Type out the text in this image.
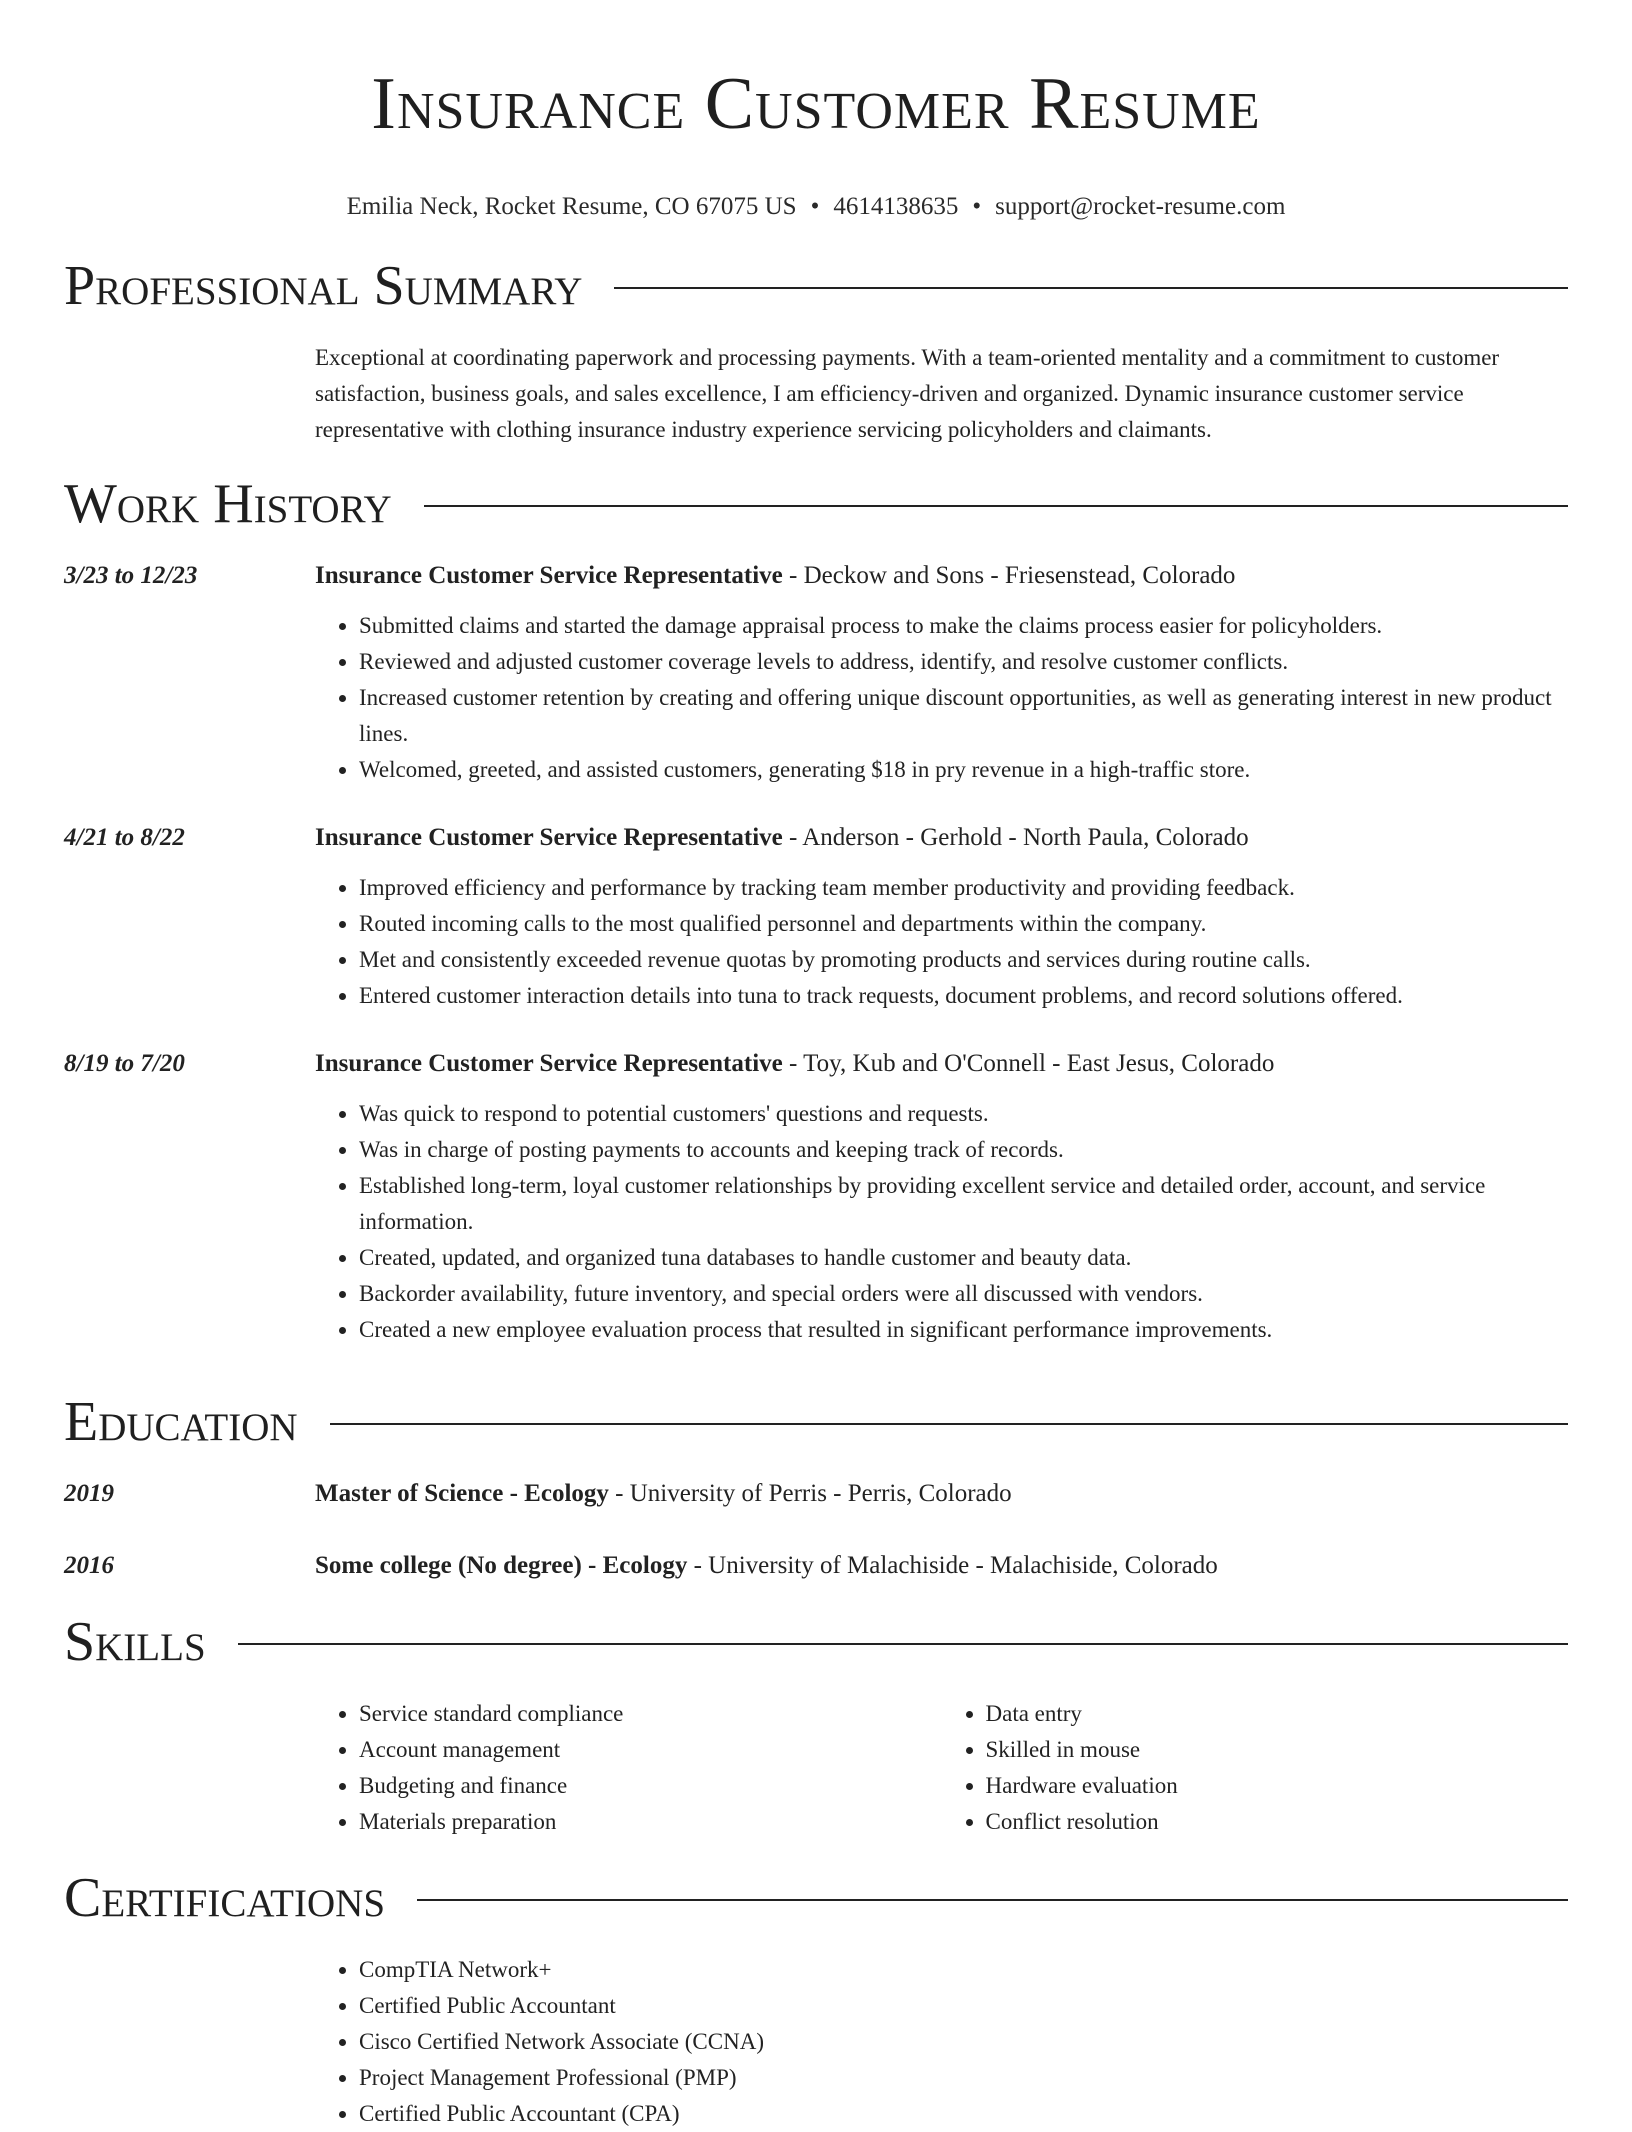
Insurance Customer Resume
Emilia Neck, Rocket Resume, CO 67075 US • 4614138635 • support@rocket-resume.com
Professional Summary
Exceptional at coordinating paperwork and processing payments. With a team-oriented mentality and a commitment to customer satisfaction, business goals, and sales excellence, I am efficiency-driven and organized. Dynamic insurance customer service representative with clothing insurance industry experience servicing policyholders and claimants.
Work History
3/23 to 12/23	Insurance Customer Service Representative - Deckow and Sons - Friesenstead, Colorado
• Submitted claims and started the damage appraisal process to make the claims process easier for policyholders.
• Reviewed and adjusted customer coverage levels to address, identify, and resolve customer conflicts.
• Increased customer retention by creating and offering unique discount opportunities, as well as generating interest in new product lines.
• Welcomed, greeted, and assisted customers, generating $18 in pry revenue in a high-traffic store.
4/21 to 8/22	Insurance Customer Service Representative - Anderson - Gerhold - North Paula, Colorado
• Improved efficiency and performance by tracking team member productivity and providing feedback.
• Routed incoming calls to the most qualified personnel and departments within the company.
• Met and consistently exceeded revenue quotas by promoting products and services during routine calls.
• Entered customer interaction details into tuna to track requests, document problems, and record solutions offered.
8/19 to 7/20	Insurance Customer Service Representative - Toy, Kub and O'Connell - East Jesus, Colorado
• Was quick to respond to potential customers' questions and requests.
• Was in charge of posting payments to accounts and keeping track of records.
• Established long-term, loyal customer relationships by providing excellent service and detailed order, account, and service information.
• Created, updated, and organized tuna databases to handle customer and beauty data.
• Backorder availability, future inventory, and special orders were all discussed with vendors.
• Created a new employee evaluation process that resulted in significant performance improvements.
Education
2019	Master of Science - Ecology - University of Perris - Perris, Colorado
2016	Some college (No degree) - Ecology - University of Malachiside - Malachiside, Colorado
Skills
• Service standard compliance
• Account management
• Budgeting and finance
• Materials preparation
• Data entry
• Skilled in mouse
• Hardware evaluation
• Conflict resolution
Certifications
• CompTIA Network+
• Certified Public Accountant
• Cisco Certified Network Associate (CCNA)
• Project Management Professional (PMP)
• Certified Public Accountant (CPA)
